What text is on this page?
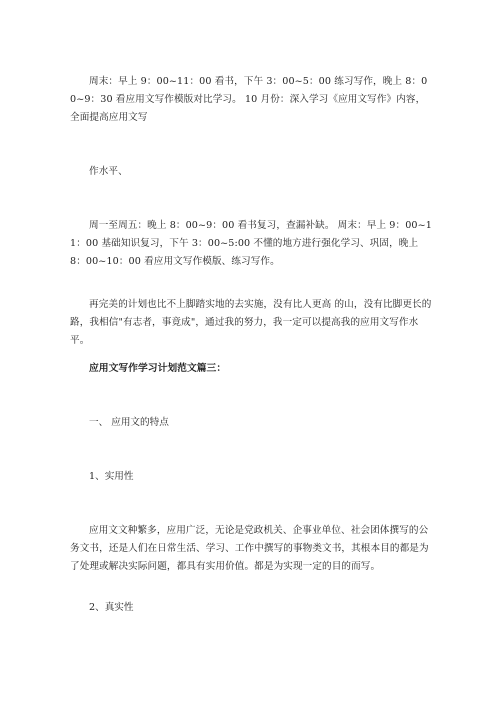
周末：早上 9：00~11：00 看书，下午 3：00~5：00 练习写作，晚上 8：00~9：30 看应用文写作模版对比学习。 10 月份：深入学习《应用文写作》内容，全面提高应用文写

作水平、

周一至周五：晚上 8：00~9：00 看书复习，查漏补缺。 周末：早上 9：00~11：00 基础知识复习，下午 3：00~5:00 不懂的地方进行强化学习、巩固，晚上 8：00~10：00 看应用文写作模版、练习写作。

再完美的计划也比不上脚踏实地的去实施，没有比人更高 的山，没有比脚更长的路，我相信"有志者，事竟成"，通过我的努力，我一定可以提高我的应用文写作水平。

应用文写作学习计划范文篇三：

一、 应用文的特点

1、实用性

应用文文种繁多，应用广泛，无论是党政机关、企事业单位、社会团体撰写的公务文书，还是人们在日常生活、学习、工作中撰写的事物类文书，其根本目的都是为了处理或解决实际问题，都具有实用价值。都是为实现一定的目的而写。

2、真实性
